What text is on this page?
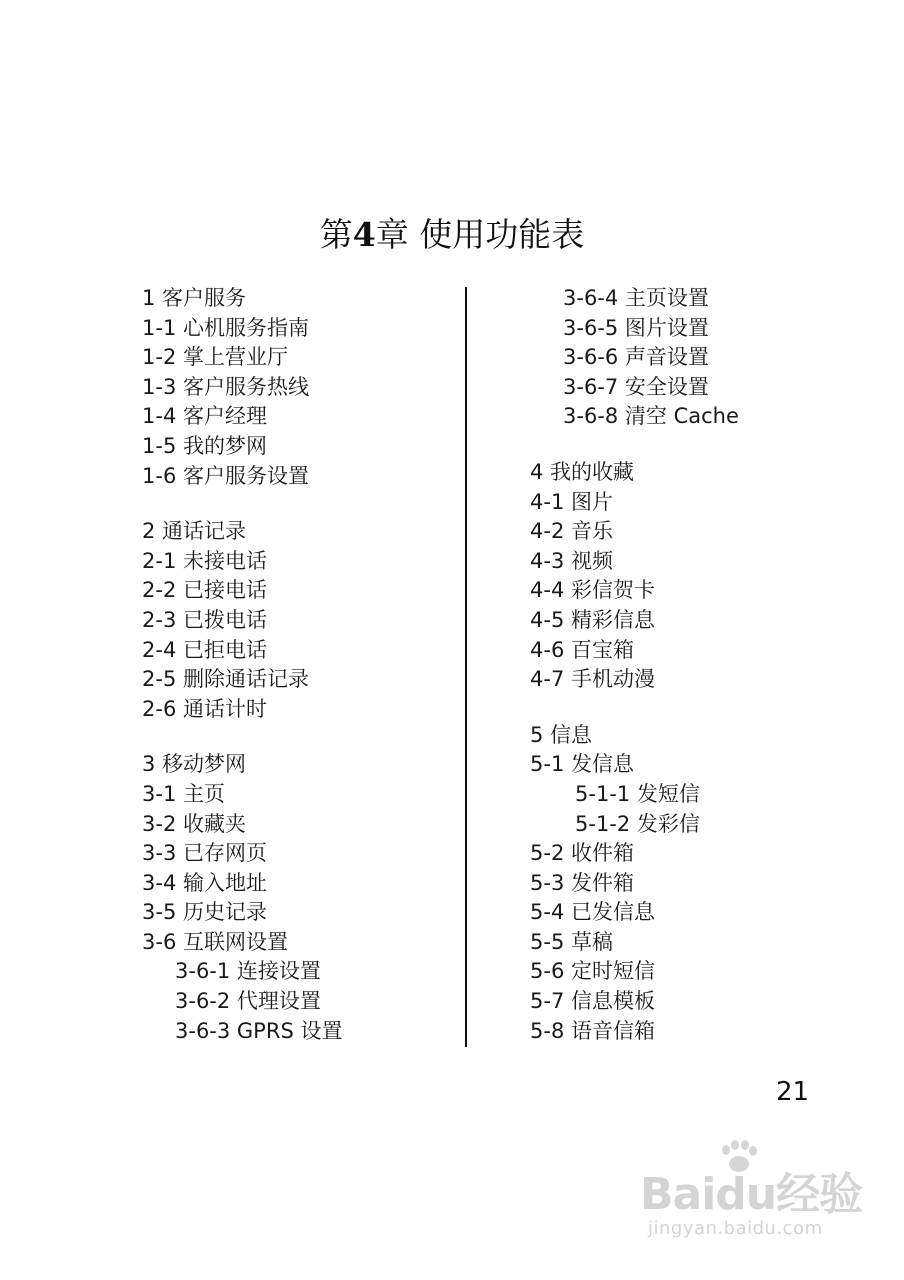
第4章 使用功能表
1 客户服务
1-1 心机服务指南
1-2 掌上营业厅
1-3 客户服务热线
1-4 客户经理
1-5 我的梦网
1-6 客户服务设置
2 通话记录
2-1 未接电话
2-2 已接电话
2-3 已拨电话
2-4 已拒电话
2-5 删除通话记录
2-6 通话计时
3 移动梦网
3-1 主页
3-2 收藏夹
3-3 已存网页
3-4 输入地址
3-5 历史记录
3-6 互联网设置
3-6-1 连接设置
3-6-2 代理设置
3-6-3 GPRS 设置
3-6-4 主页设置
3-6-5 图片设置
3-6-6 声音设置
3-6-7 安全设置
3-6-8 清空 Cache
4 我的收藏
4-1 图片
4-2 音乐
4-3 视频
4-4 彩信贺卡
4-5 精彩信息
4-6 百宝箱
4-7 手机动漫
5 信息
5-1 发信息
5-1-1 发短信
5-1-2 发彩信
5-2 收件箱
5-3 发件箱
5-4 已发信息
5-5 草稿
5-6 定时短信
5-7 信息模板
5-8 语音信箱
21
Baidu经验
jingyan.baidu.com
